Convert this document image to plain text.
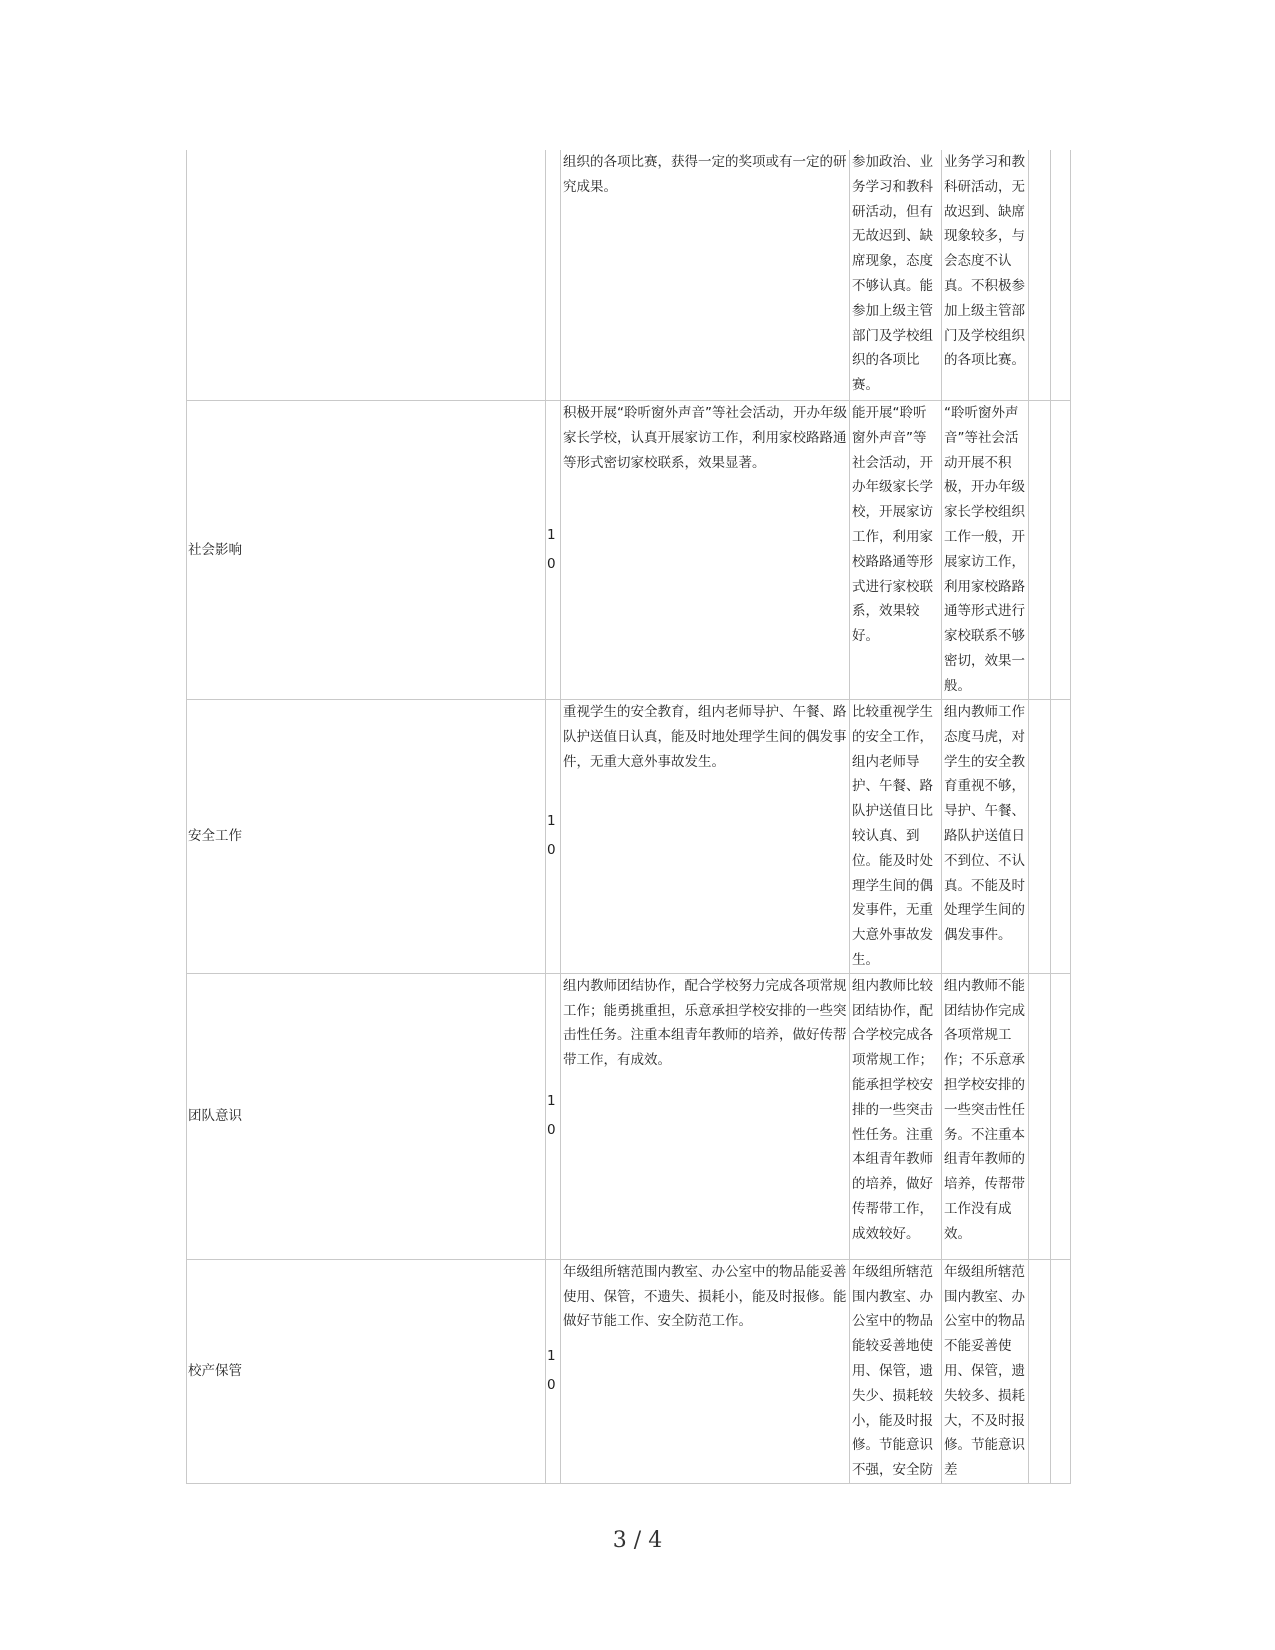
		组织的各项比赛，获得一定的奖项或有一定的研究成果。	参加政治、业务学习和教科研活动，但有无故迟到、缺席现象，态度不够认真。能参加上级主管部门及学校组织的各项比赛。	业务学习和教科研活动，无故迟到、缺席现象较多，与会态度不认真。不积极参加上级主管部门及学校组织的各项比赛。		
社会影响	10	积极开展“聆听窗外声音”等社会活动，开办年级家长学校，认真开展家访工作，利用家校路路通等形式密切家校联系，效果显著。	能开展“聆听窗外声音”等社会活动，开办年级家长学校，开展家访工作，利用家校路路通等形式进行家校联系，效果较好。	“聆听窗外声音”等社会活动开展不积极，开办年级家长学校组织工作一般，开展家访工作，利用家校路路通等形式进行家校联系不够密切，效果一般。		
安全工作	10	重视学生的安全教育，组内老师导护、午餐、路队护送值日认真，能及时地处理学生间的偶发事件，无重大意外事故发生。	比较重视学生的安全工作，组内老师导护、午餐、路队护送值日比较认真、到位。能及时处理学生间的偶发事件，无重大意外事故发生。	组内教师工作态度马虎，对学生的安全教育重视不够，导护、午餐、路队护送值日不到位、不认真。不能及时处理学生间的偶发事件。		
团队意识	10	组内教师团结协作，配合学校努力完成各项常规工作；能勇挑重担，乐意承担学校安排的一些突击性任务。注重本组青年教师的培养，做好传帮带工作，有成效。	组内教师比较团结协作，配合学校完成各项常规工作；能承担学校安排的一些突击性任务。注重本组青年教师的培养，做好传帮带工作，成效较好。	组内教师不能团结协作完成各项常规工作；不乐意承担学校安排的一些突击性任务。不注重本组青年教师的培养，传帮带工作没有成效。		
校产保管	10	年级组所辖范围内教室、办公室中的物品能妥善使用、保管，不遗失、损耗小，能及时报修。能做好节能工作、安全防范工作。	年级组所辖范围内教室、办公室中的物品能较妥善地使用、保管，遗失少、损耗较小，能及时报修。节能意识不强，安全防	年级组所辖范围内教室、办公室中的物品不能妥善使用、保管，遗失较多、损耗大，不及时报修。节能意识差		
3 / 4
